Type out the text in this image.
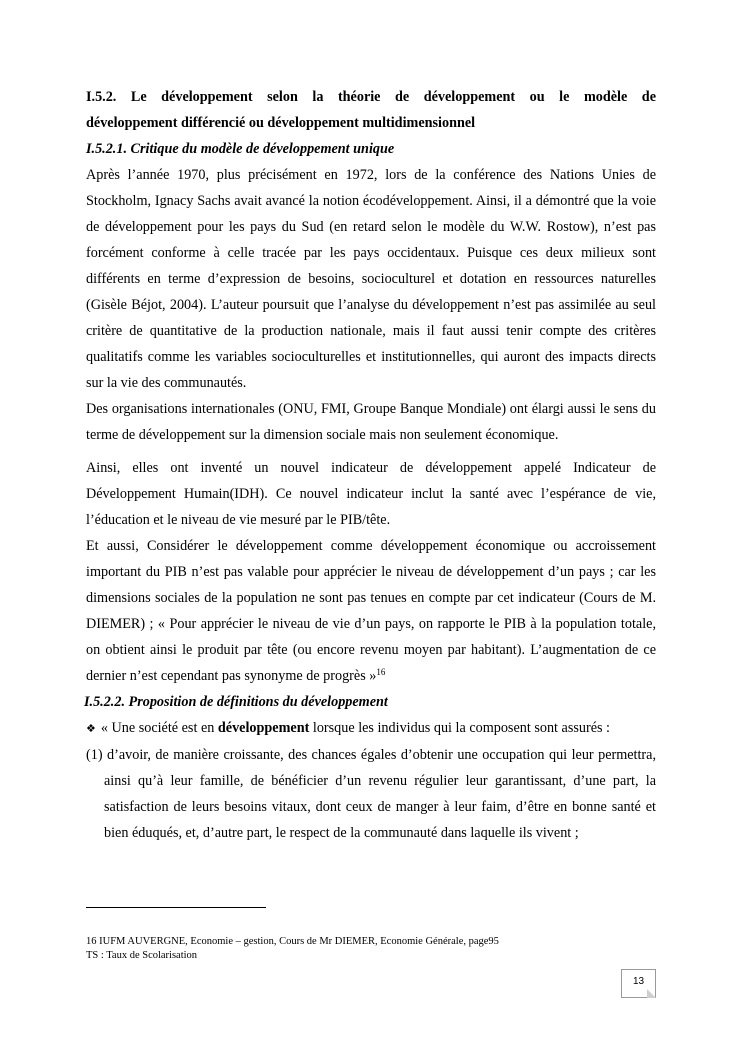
I.5.2. Le développement selon la théorie de développement ou le modèle de

développement différencié ou développement multidimensionnel

I.5.2.1. Critique du modèle de développement unique

Après l’année 1970, plus précisément en 1972, lors de la conférence des Nations Unies de Stockholm, Ignacy Sachs avait avancé la notion écodéveloppement. Ainsi, il a démontré que la voie de développement pour les pays du Sud (en retard selon le modèle du W.W. Rostow), n’est pas forcément conforme à celle tracée par les pays occidentaux. Puisque ces deux milieux sont différents en terme d’expression de besoins, socioculturel et dotation en ressources naturelles (Gisèle Béjot, 2004). L’auteur poursuit que l’analyse du développement n’est pas assimilée au seul critère de quantitative de la production nationale, mais il faut aussi tenir compte des critères qualitatifs comme les variables socioculturelles et institutionnelles, qui auront des impacts directs sur la vie des communautés.

Des organisations internationales (ONU, FMI, Groupe Banque Mondiale) ont élargi aussi le sens du terme de développement sur la dimension sociale mais non seulement économique.

Ainsi, elles ont inventé un nouvel indicateur de développement appelé Indicateur de Développement Humain(IDH). Ce nouvel indicateur inclut la santé avec l’espérance de vie, l’éducation et le niveau de vie mesuré par le PIB/tête.

Et aussi, Considérer le développement comme développement économique ou accroissement important du PIB n’est pas valable pour apprécier le niveau de développement d’un pays ; car les dimensions sociales de la population ne sont pas tenues en compte par cet indicateur (Cours de M. DIEMER) ; « Pour apprécier le niveau de vie d’un pays, on rapporte le PIB à la population totale, on obtient ainsi le produit par tête (ou encore revenu moyen par habitant). L’augmentation de ce dernier n’est cependant pas synonyme de progrès »$^{16}$

I.5.2.2. Proposition de définitions du développement

❖ « Une société est en développement lorsque les individus qui la composent sont assurés :

(1) d’avoir, de manière croissante, des chances égales d’obtenir une occupation qui leur permettra, ainsi qu’à leur famille, de bénéficier d’un revenu régulier leur garantissant, d’une part, la satisfaction de leurs besoins vitaux, dont ceux de manger à leur faim, d’être en bonne santé et bien éduqués, et, d’autre part, le respect de la communauté dans laquelle ils vivent ;

16 IUFM AUVERGNE, Economie – gestion, Cours de Mr DIEMER, Economie Générale, page95
TS : Taux de Scolarisation
13
